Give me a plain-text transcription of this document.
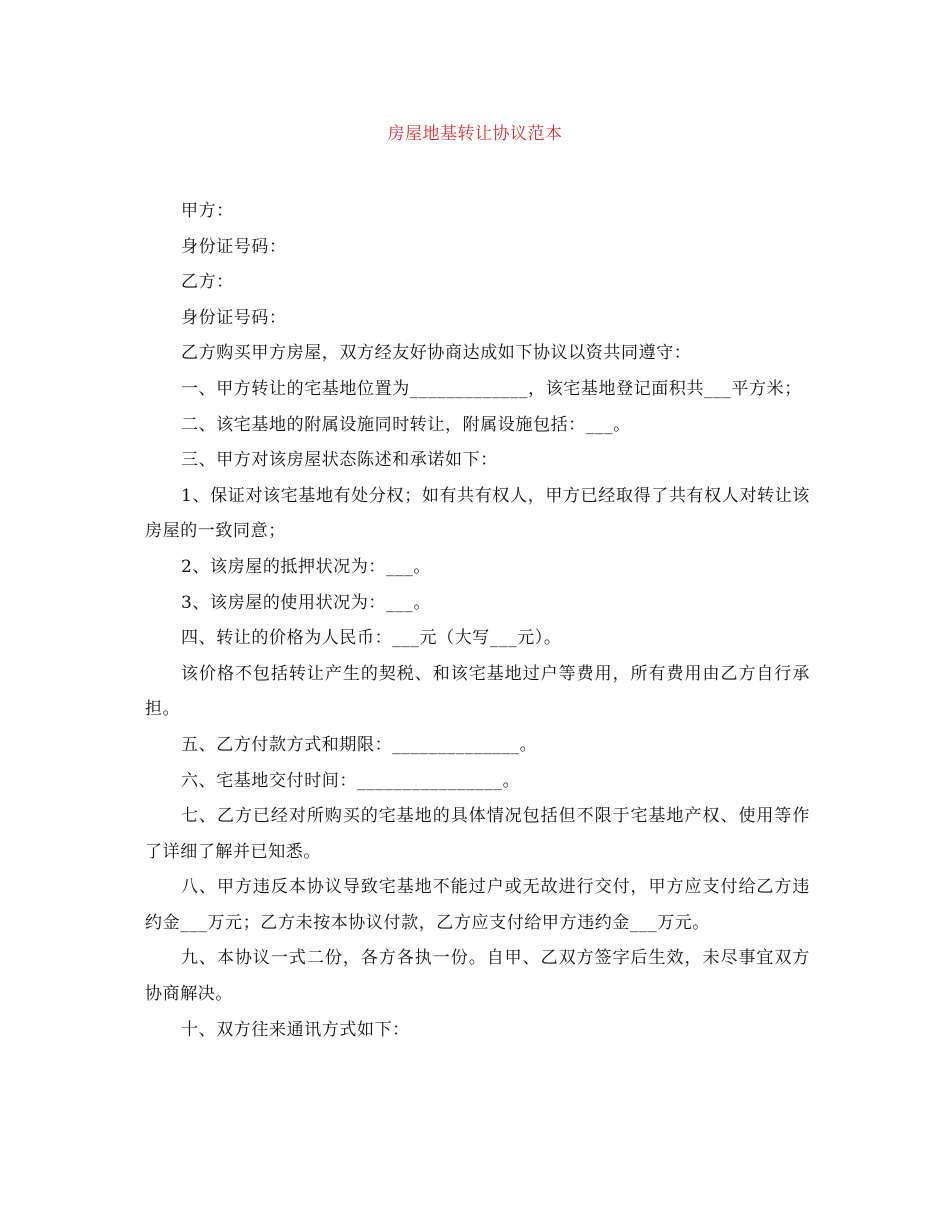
房屋地基转让协议范本

甲方：

身份证号码：

乙方：

身份证号码：

乙方购买甲方房屋，双方经友好协商达成如下协议以资共同遵守：

一、甲方转让的宅基地位置为_____________，该宅基地登记面积共___平方米；

二、该宅基地的附属设施同时转让，附属设施包括：___。

三、甲方对该房屋状态陈述和承诺如下：

1、保证对该宅基地有处分权；如有共有权人，甲方已经取得了共有权人对转让该房屋的一致同意；

2、该房屋的抵押状况为：___。

3、该房屋的使用状况为：___。

四、转让的价格为人民币：___元（大写___元）。

该价格不包括转让产生的契税、和该宅基地过户等费用，所有费用由乙方自行承担。

五、乙方付款方式和期限：______________。

六、宅基地交付时间：________________。

七、乙方已经对所购买的宅基地的具体情况包括但不限于宅基地产权、使用等作了详细了解并已知悉。

八、甲方违反本协议导致宅基地不能过户或无故进行交付，甲方应支付给乙方违约金___万元；乙方未按本协议付款，乙方应支付给甲方违约金___万元。

九、本协议一式二份，各方各执一份。自甲、乙双方签字后生效，未尽事宜双方协商解决。

十、双方往来通讯方式如下：
